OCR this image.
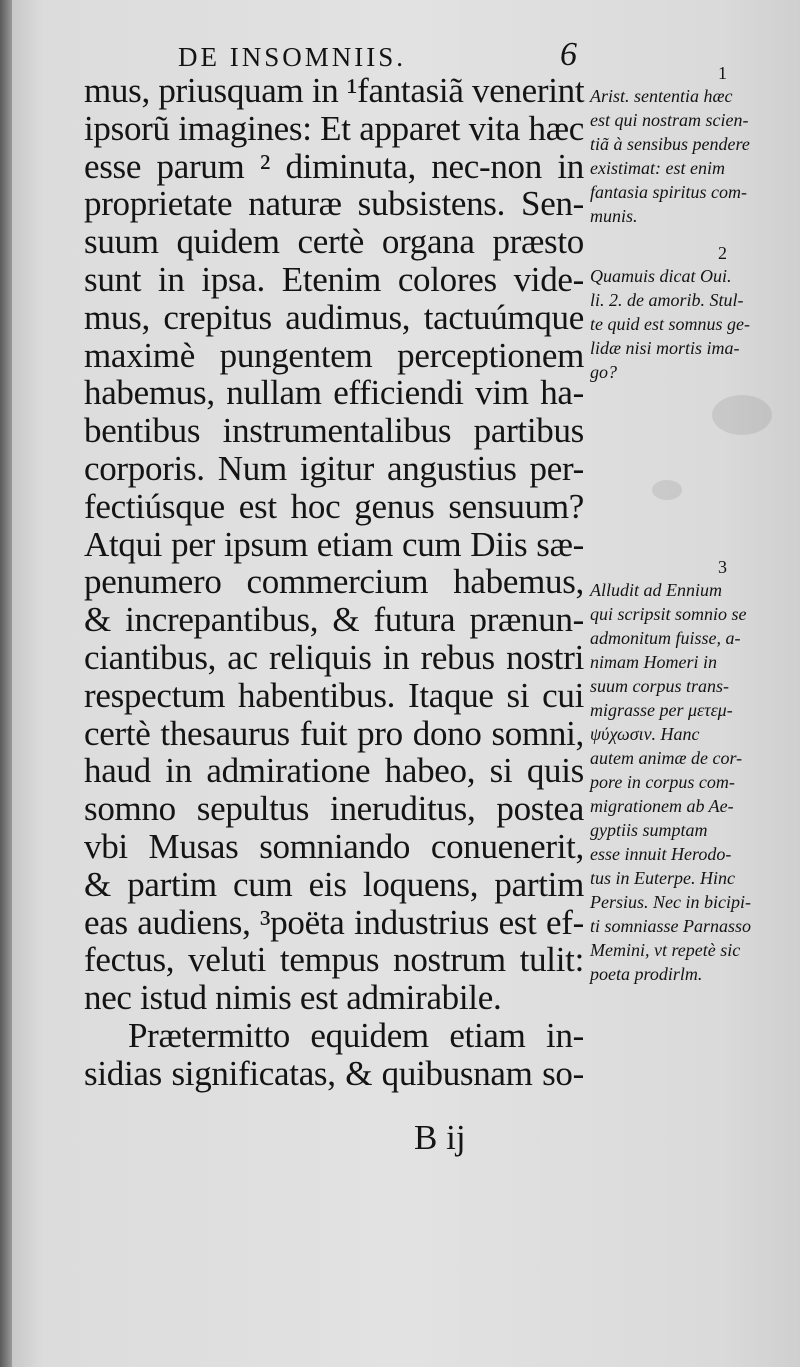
DE INSOMNIIS.	6
mus, priusquam in ¹fantasiã venerint
ipsorũ imagines: Et apparet vita hæc
esse parum ² diminuta, nec-non in
proprietate naturæ subsistens. Sen-
suum quidem certè organa præsto
sunt in ipsa. Etenim colores vide-
mus, crepitus audimus, tactuúmque
maximè pungentem perceptionem
habemus, nullam efficiendi vim ha-
bentibus instrumentalibus partibus
corporis. Num igitur angustius per-
fectiúsque est hoc genus sensuum?
Atqui per ipsum etiam cum Diis sæ-
penumero commercium habemus,
& increpantibus, & futura prænun-
ciantibus, ac reliquis in rebus nostri
respectum habentibus. Itaque si cui
certè thesaurus fuit pro dono somni,
haud in admiratione habeo, si quis
somno sepultus ineruditus, postea
vbi Musas somniando conuenerit,
& partim cum eis loquens, partim
eas audiens, ³poëta industrius est ef-
fectus, veluti tempus nostrum tulit:
nec istud nimis est admirabile.
Prætermitto equidem etiam in-
sidias significatas, & quibusnam so-
B ij
1
Arist. sententia hæc
est qui nostram scien-
tiã à sensibus pendere
existimat: est enim
fantasia spiritus com-
munis.
2
Quamuis dicat Oui.
li. 2. de amorib. Stul-
te quid est somnus ge-
lidæ nisi mortis ima-
go?
3
Alludit ad Ennium
qui scripsit somnio se
admonitum fuisse, a-
nimam Homeri in
suum corpus trans-
migrasse per μετεμ-
ψύχωσιν. Hanc
autem animæ de cor-
pore in corpus com-
migrationem ab Ae-
gyptiis sumptam
esse innuit Herodo-
tus in Euterpe. Hinc
Persius. Nec in bicipi-
ti somniasse Parnasso
Memini, vt repetè sic
poeta prodirlm.
